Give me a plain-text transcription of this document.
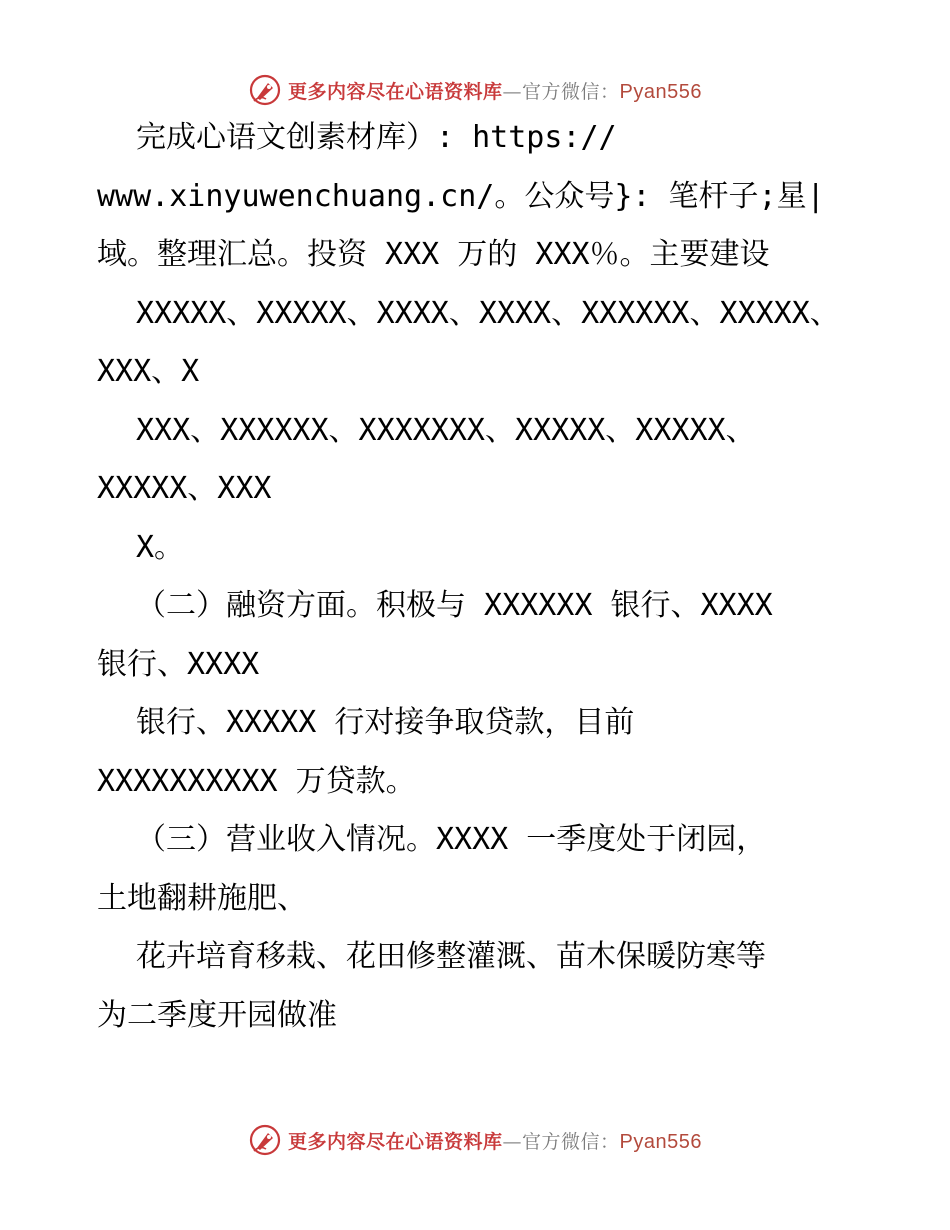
更多内容尽在心语资料库—官方微信：Pyan556
完成心语文创素材库）: https://
www.xinyuwenchuang.cn/。公众号}: 笔杆子;星|
域。整理汇总。投资 XXX 万的 XXX％。主要建设
XXXXX、XXXXX、XXXX、XXXX、XXXXXX、XXXXX、
XXX、X
XXX、XXXXXX、XXXXXXX、XXXXX、XXXXX、
XXXXX、XXX
X。
（二）融资方面。积极与 XXXXXX 银行、XXXX
银行、XXXX
银行、XXXXX 行对接争取贷款，目前
XXXXXXXXXX 万贷款。
（三）营业收入情况。XXXX 一季度处于闭园，
土地翻耕施肥、
花卉培育移栽、花田修整灌溉、苗木保暖防寒等
为二季度开园做准
更多内容尽在心语资料库—官方微信：Pyan556
